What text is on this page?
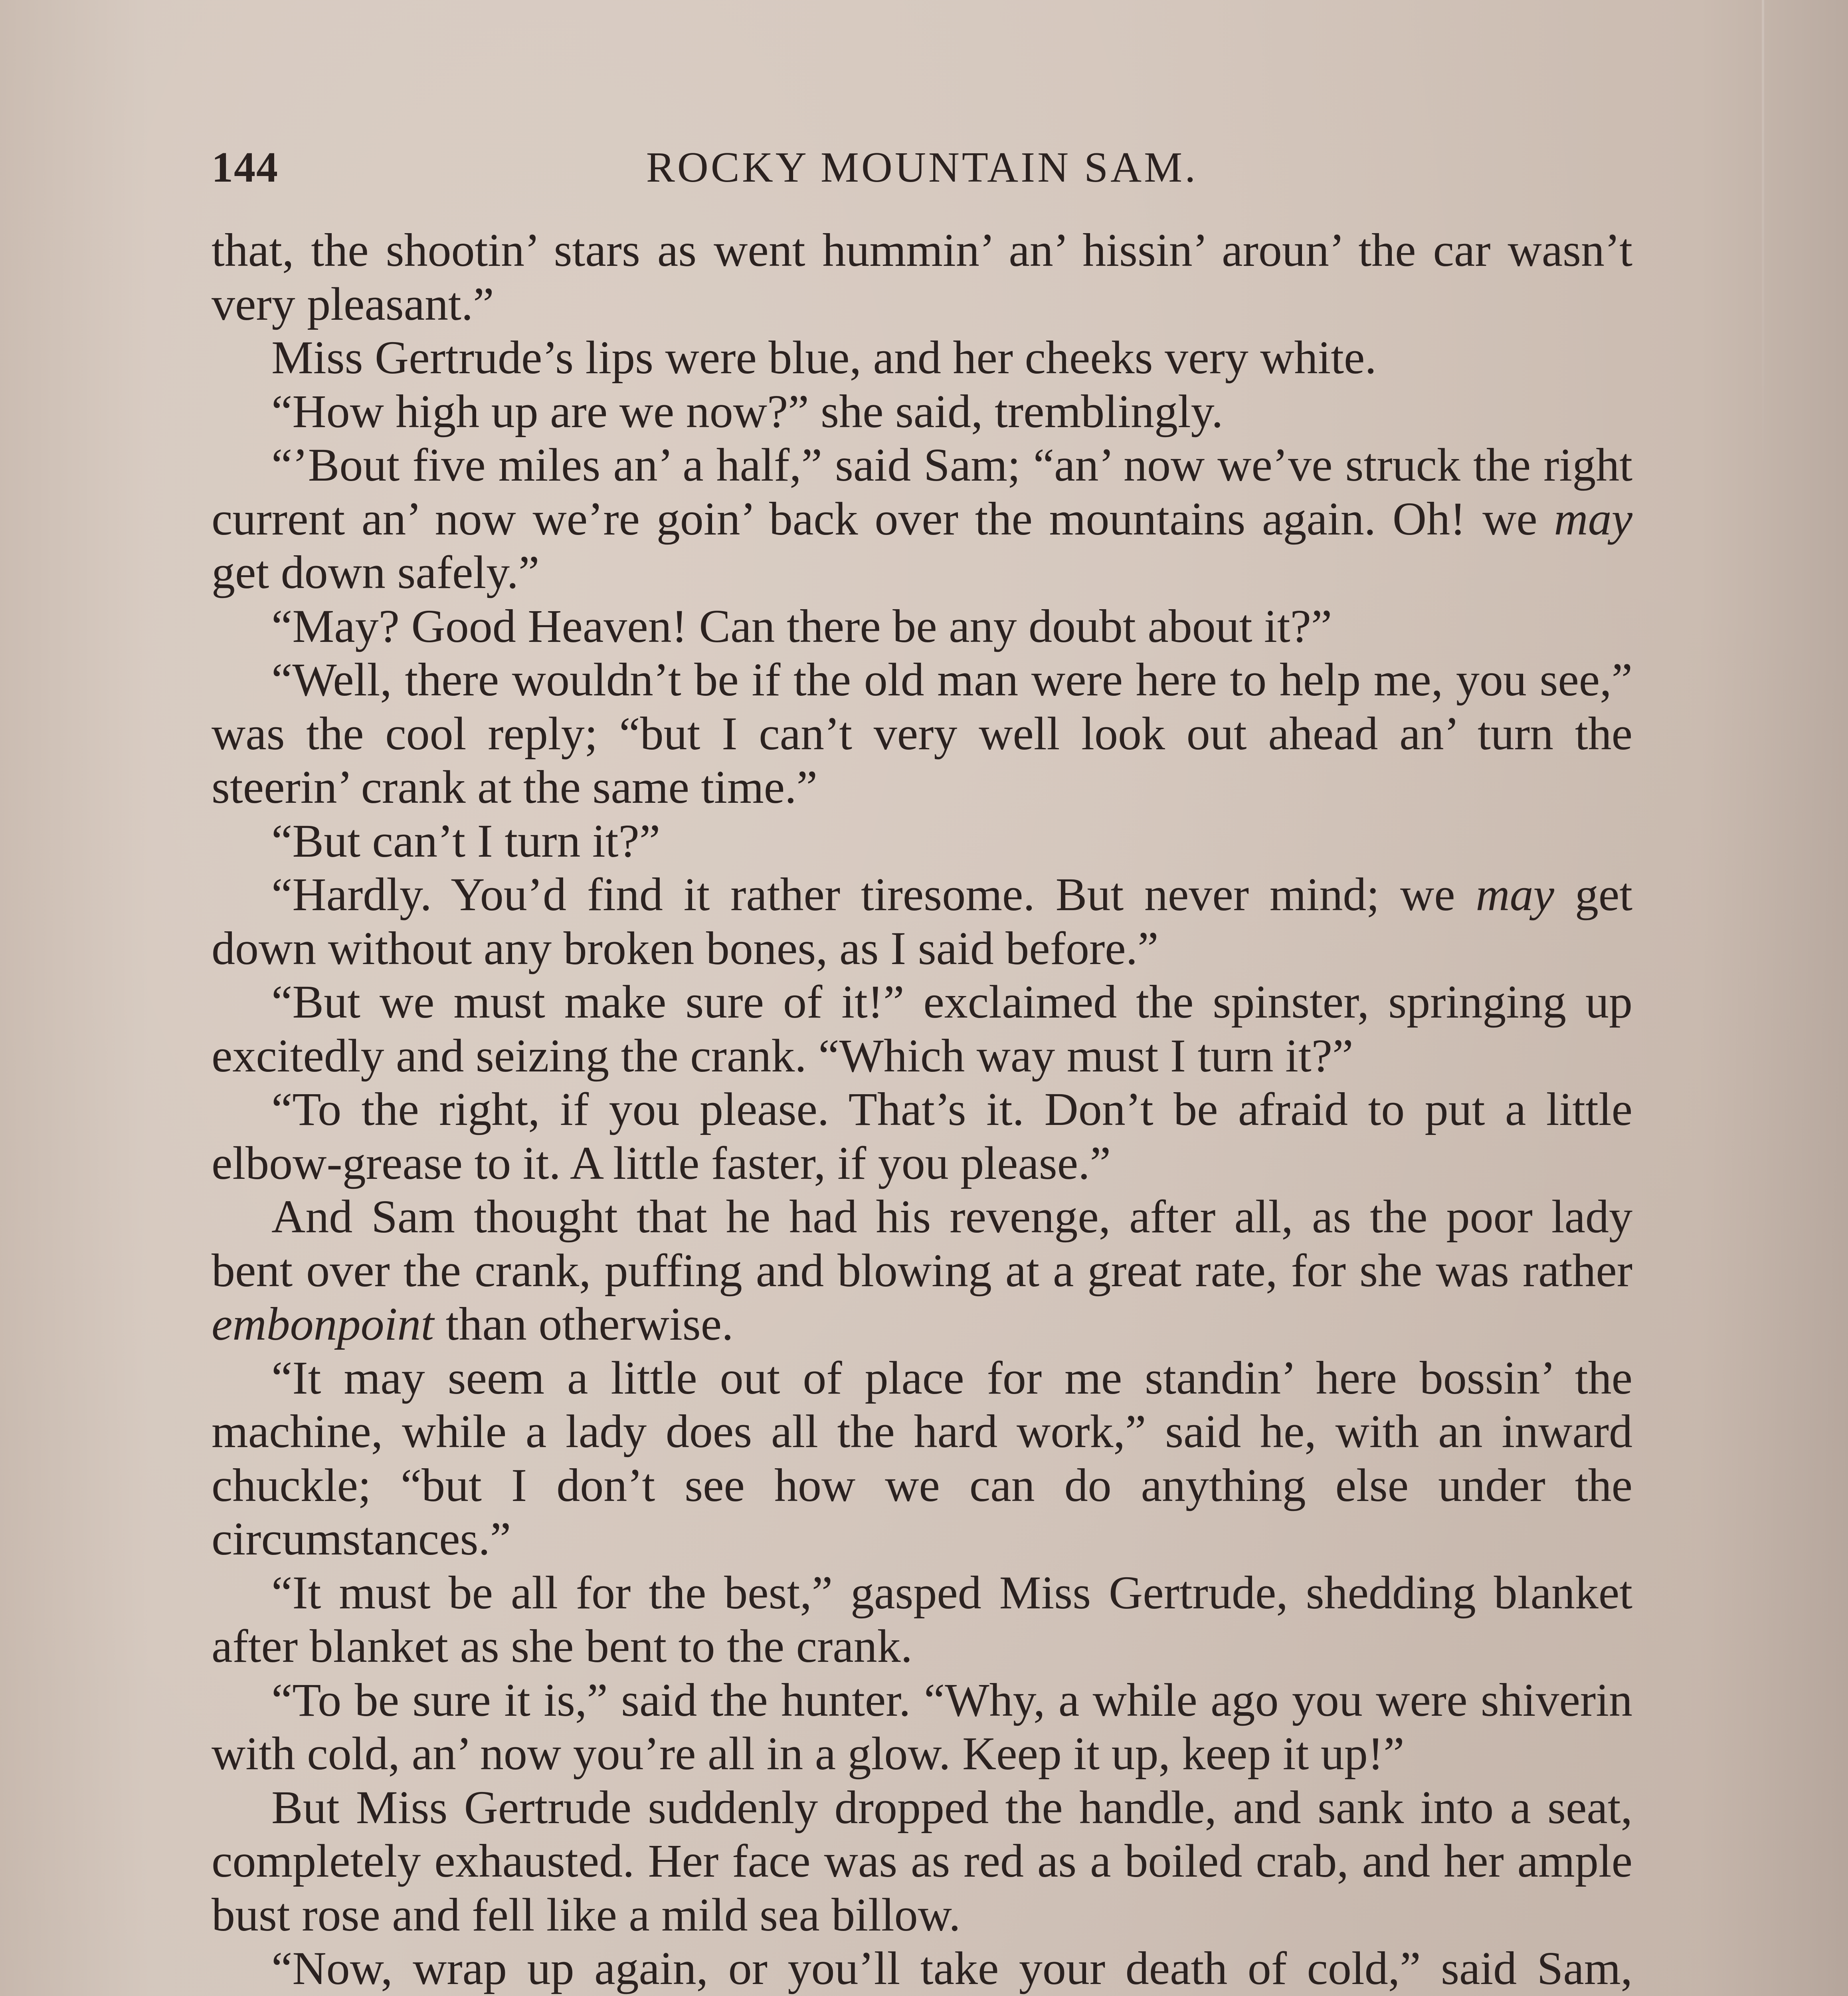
144	ROCKY MOUNTAIN SAM.

that, the shootin’ stars as went hummin’ an’ hissin’ aroun’ the car wasn’t very pleasant.”

Miss Gertrude’s lips were blue, and her cheeks very white.

“How high up are we now?” she said, tremblingly.

“’Bout five miles an’ a half,” said Sam; “an’ now we’ve struck the right current an’ now we’re goin’ back over the mountains again. Oh! we may get down safely.”

“May? Good Heaven! Can there be any doubt about it?”

“Well, there wouldn’t be if the old man were here to help me, you see,” was the cool reply; “but I can’t very well look out ahead an’ turn the steerin’ crank at the same time.”

“But can’t I turn it?”

“Hardly. You’d find it rather tiresome. But never mind; we may get down without any broken bones, as I said before.”

“But we must make sure of it!” exclaimed the spinster, springing up excitedly and seizing the crank. “Which way must I turn it?”

“To the right, if you please. That’s it. Don’t be afraid to put a little elbow-grease to it. A little faster, if you please.”

And Sam thought that he had his revenge, after all, as the poor lady bent over the crank, puffing and blowing at a great rate, for she was rather embonpoint than otherwise.

“It may seem a little out of place for me standin’ here bossin’ the machine, while a lady does all the hard work,” said he, with an inward chuckle; “but I don’t see how we can do anything else under the circumstances.”

“It must be all for the best,” gasped Miss Gertrude, shedding blanket after blanket as she bent to the crank.

“To be sure it is,” said the hunter. “Why, a while ago you were shiverin with cold, an’ now you’re all in a glow. Keep it up, keep it up!”

But Miss Gertrude suddenly dropped the handle, and sank into a seat, completely exhausted. Her face was as red as a boiled crab, and her ample bust rose and fell like a mild sea billow.

“Now, wrap up again, or you’ll take your death of cold,” said Sam,
